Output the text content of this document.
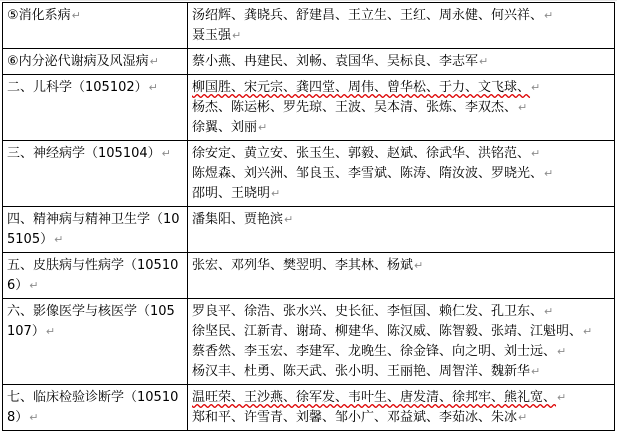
⑤消化系病↵	汤绍辉、龚晓兵、舒建昌、王立生、王红、周永健、何兴祥、↵
聂玉强↵
⑥内分泌代谢病及风湿病↵	蔡小燕、冉建民、刘畅、袁国华、吴标良、李志军↵
二、儿科学（105102）↵	柳国胜、宋元宗、龚四堂、周伟、曾华松、于力、文飞球、↵
杨杰、陈运彬、罗先琼、王波、吴本清、张炼、李双杰、↵
徐翼、刘丽↵
三、神经病学（105104）↵	徐安定、黄立安、张玉生、郭毅、赵斌、徐武华、洪铭范、↵
陈煜森、刘兴洲、邹良玉、李雪斌、陈涛、隋汝波、罗晓光、↵
邵明、王晓明↵
四、精神病与精神卫生学（105105）↵	潘集阳、贾艳滨↵
五、皮肤病与性病学（105106）↵	张宏、邓列华、樊翌明、李其林、杨斌↵
六、影像医学与核医学（105107）↵	罗良平、徐浩、张水兴、史长征、李恒国、赖仁发、孔卫东、↵
徐坚民、江新青、谢琦、柳建华、陈汉威、陈智毅、张靖、江魁明、↵
蔡香然、李玉宏、李建军、龙晚生、徐金锋、向之明、刘士远、↵
杨汉丰、杜勇、陈天武、张小明、王丽艳、周智洋、魏新华↵
七、临床检验诊断学（105108）↵	温旺荣、王沙燕、徐军发、韦叶生、唐发清、徐邦牢、熊礼宽、↵
郑和平、许雪青、刘馨、邹小广、邓益斌、李茹冰、朱冰↵
